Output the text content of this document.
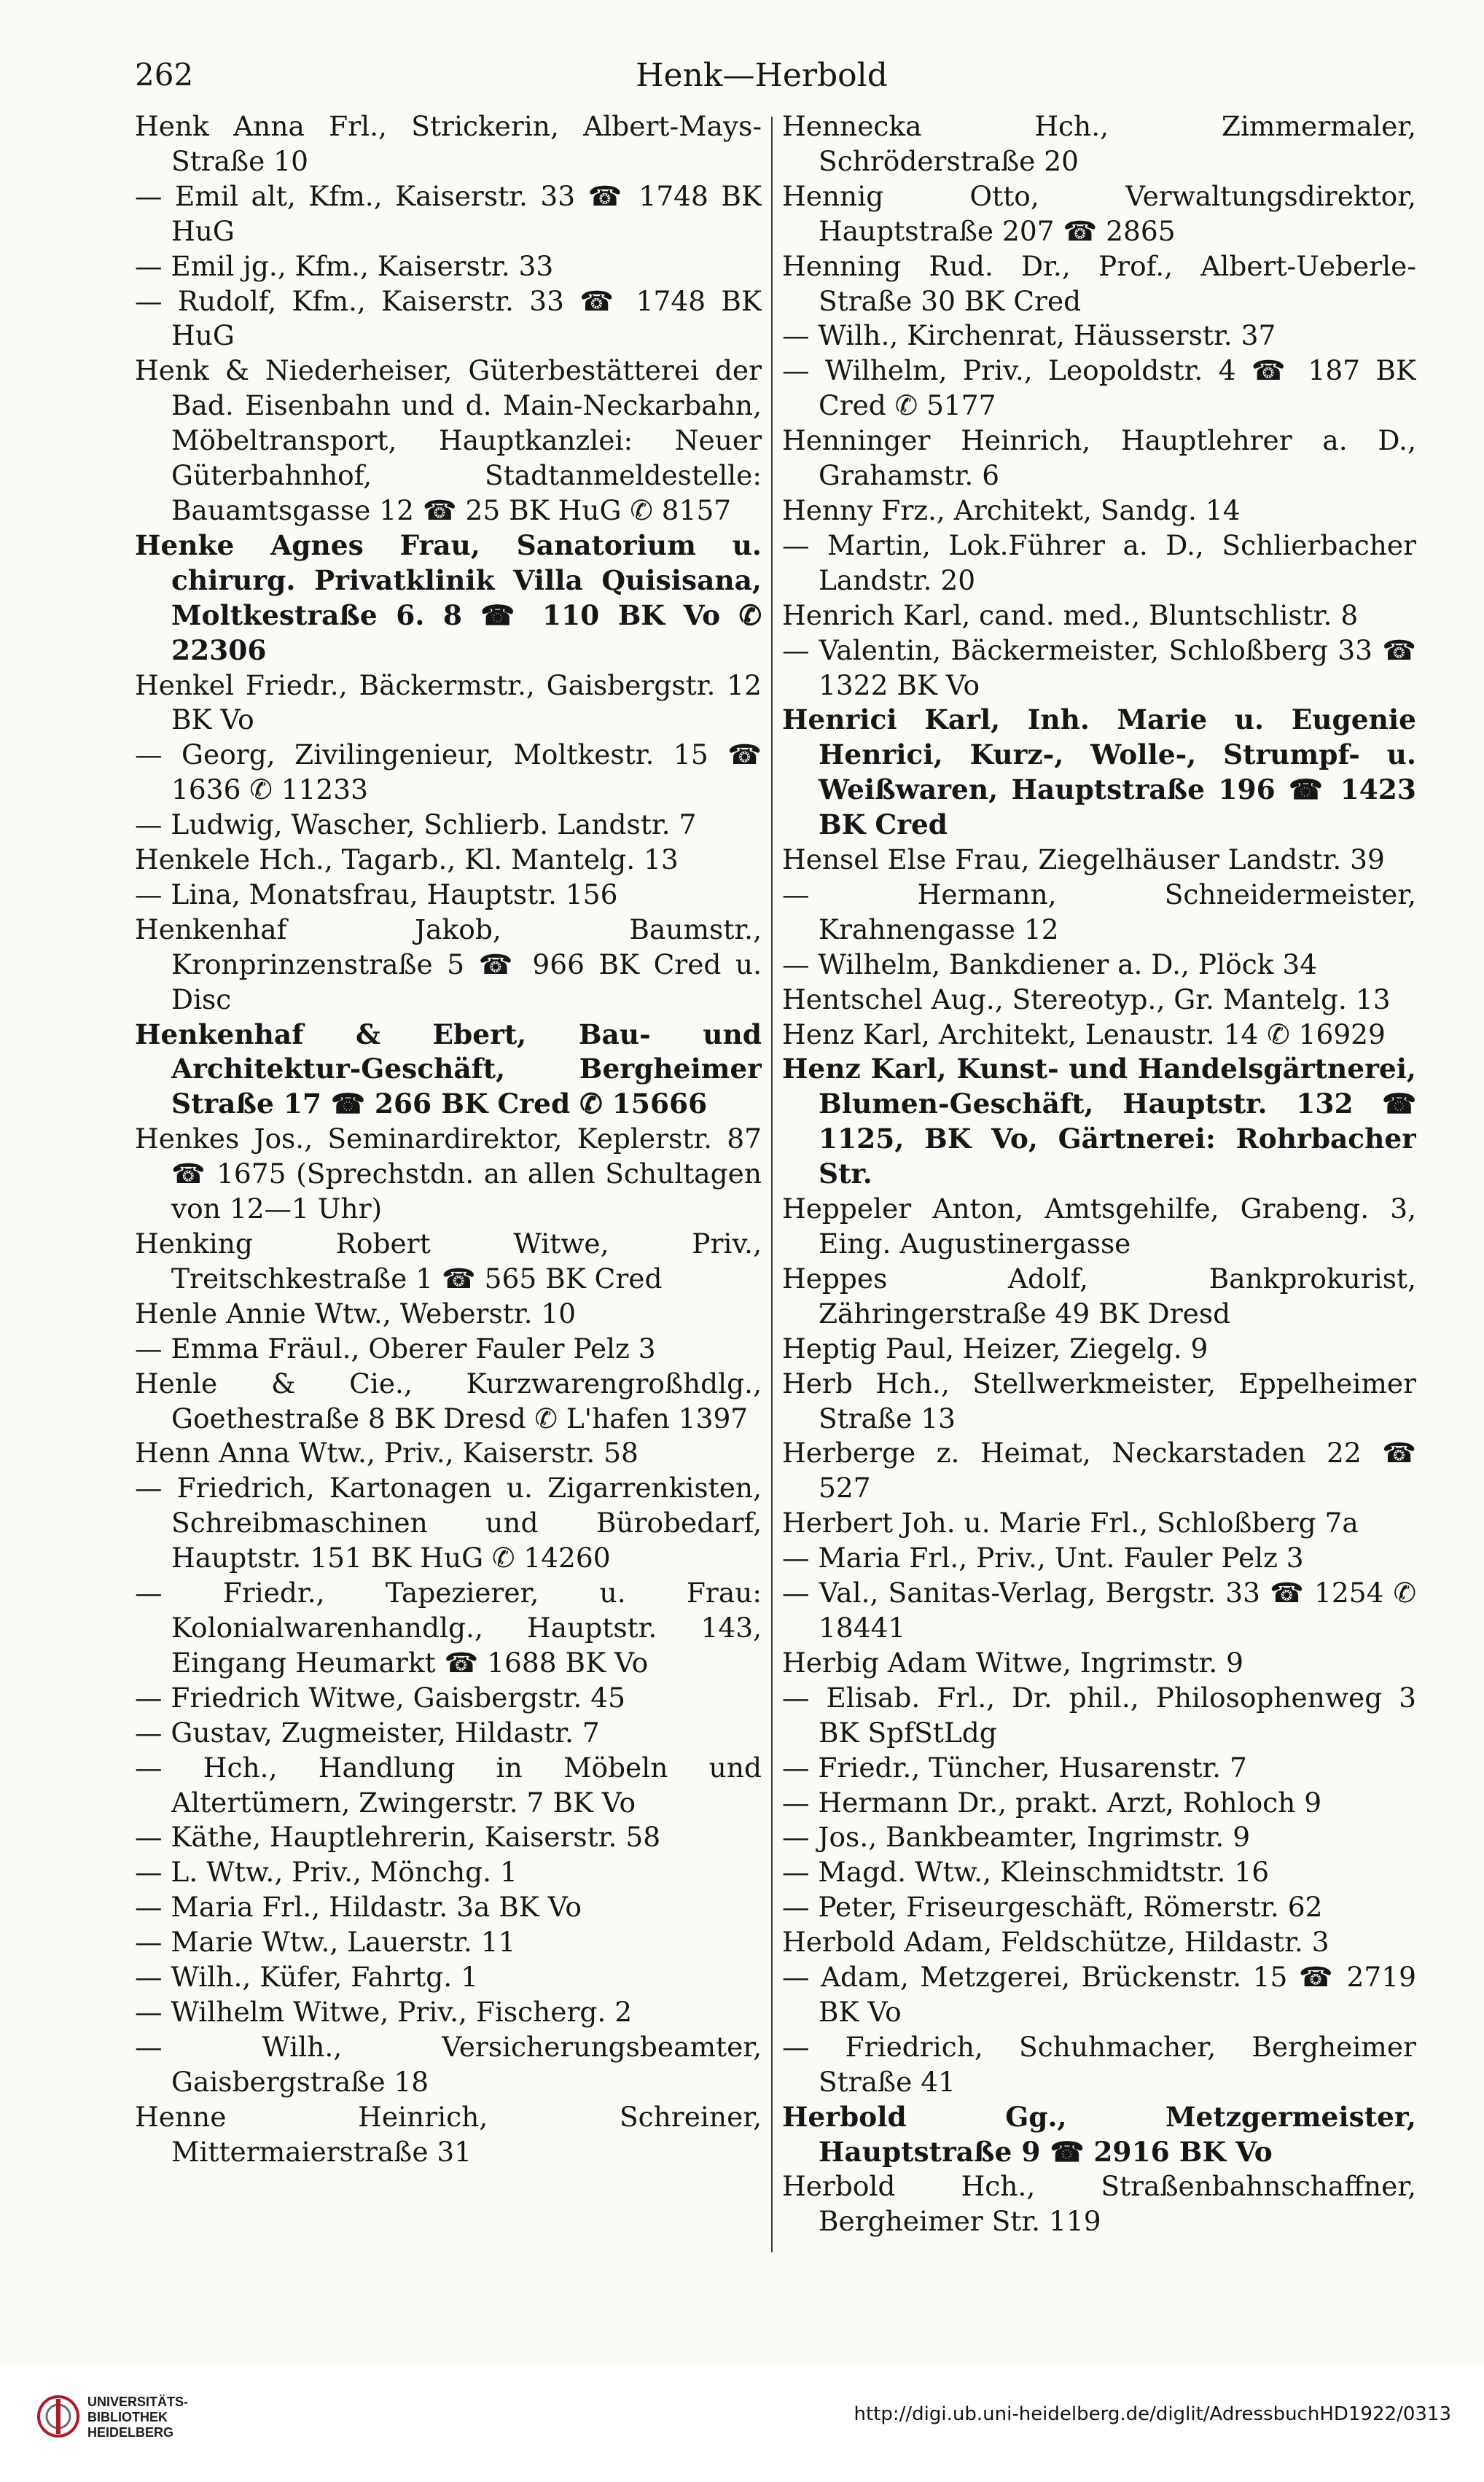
262	Henk—Herbold

Henk Anna Frl., Strickerin, Albert-Mays-Straße 10

— Emil alt, Kfm., Kaiserstr. 33 ☎ 1748 BK HuG

— Emil jg., Kfm., Kaiserstr. 33

— Rudolf, Kfm., Kaiserstr. 33 ☎ 1748 BK HuG

Henk & Niederheiser, Güterbestätterei der Bad. Eisenbahn und d. Main-Neckarbahn, Möbeltransport, Hauptkanzlei: Neuer Güterbahnhof, Stadtanmeldestelle: Bauamtsgasse 12 ☎ 25 BK HuG ✆ 8157

Henke Agnes Frau, Sanatorium u. chirurg. Privatklinik Villa Quisisana, Moltkestraße 6. 8 ☎ 110 BK Vo ✆ 22306

Henkel Friedr., Bäckermstr., Gaisbergstr. 12 BK Vo

— Georg, Zivilingenieur, Moltkestr. 15 ☎ 1636 ✆ 11233

— Ludwig, Wascher, Schlierb. Landstr. 7

Henkele Hch., Tagarb., Kl. Mantelg. 13

— Lina, Monatsfrau, Hauptstr. 156

Henkenhaf Jakob, Baumstr., Kronprinzenstraße 5 ☎ 966 BK Cred u. Disc

Henkenhaf & Ebert, Bau- und Architektur-Geschäft, Bergheimer Straße 17 ☎ 266 BK Cred ✆ 15666

Henkes Jos., Seminardirektor, Keplerstr. 87 ☎ 1675 (Sprechstdn. an allen Schultagen von 12—1 Uhr)

Henking Robert Witwe, Priv., Treitschkestraße 1 ☎ 565 BK Cred

Henle Annie Wtw., Weberstr. 10

— Emma Fräul., Oberer Fauler Pelz 3

Henle & Cie., Kurzwarengroßhdlg., Goethestraße 8 BK Dresd ✆ L'hafen 1397

Henn Anna Wtw., Priv., Kaiserstr. 58

— Friedrich, Kartonagen u. Zigarrenkisten, Schreibmaschinen und Bürobedarf, Hauptstr. 151 BK HuG ✆ 14260

— Friedr., Tapezierer, u. Frau: Kolonialwarenhandlg., Hauptstr. 143, Eingang Heumarkt ☎ 1688 BK Vo

— Friedrich Witwe, Gaisbergstr. 45

— Gustav, Zugmeister, Hildastr. 7

— Hch., Handlung in Möbeln und Altertümern, Zwingerstr. 7 BK Vo

— Käthe, Hauptlehrerin, Kaiserstr. 58

— L. Wtw., Priv., Mönchg. 1

— Maria Frl., Hildastr. 3a BK Vo

— Marie Wtw., Lauerstr. 11

— Wilh., Küfer, Fahrtg. 1

— Wilhelm Witwe, Priv., Fischerg. 2

— Wilh., Versicherungsbeamter, Gaisbergstraße 18

Henne Heinrich, Schreiner, Mittermaierstraße 31

Hennecka Hch., Zimmermaler, Schröderstraße 20

Hennig Otto, Verwaltungsdirektor, Hauptstraße 207 ☎ 2865

Henning Rud. Dr., Prof., Albert-Ueberle-Straße 30 BK Cred

— Wilh., Kirchenrat, Häusserstr. 37

— Wilhelm, Priv., Leopoldstr. 4 ☎ 187 BK Cred ✆ 5177

Henninger Heinrich, Hauptlehrer a. D., Grahamstr. 6

Henny Frz., Architekt, Sandg. 14

— Martin, Lok.Führer a. D., Schlierbacher Landstr. 20

Henrich Karl, cand. med., Bluntschlistr. 8

— Valentin, Bäckermeister, Schloßberg 33 ☎ 1322 BK Vo

Henrici Karl, Inh. Marie u. Eugenie Henrici, Kurz-, Wolle-, Strumpf- u. Weißwaren, Hauptstraße 196 ☎ 1423 BK Cred

Hensel Else Frau, Ziegelhäuser Landstr. 39

— Hermann, Schneidermeister, Krahnengasse 12

— Wilhelm, Bankdiener a. D., Plöck 34

Hentschel Aug., Stereotyp., Gr. Mantelg. 13

Henz Karl, Architekt, Lenaustr. 14 ✆ 16929

Henz Karl, Kunst- und Handelsgärtnerei, Blumen-Geschäft, Hauptstr. 132 ☎ 1125, BK Vo, Gärtnerei: Rohrbacher Str.

Heppeler Anton, Amtsgehilfe, Grabeng. 3, Eing. Augustinergasse

Heppes Adolf, Bankprokurist, Zähringerstraße 49 BK Dresd

Heptig Paul, Heizer, Ziegelg. 9

Herb Hch., Stellwerkmeister, Eppelheimer Straße 13

Herberge z. Heimat, Neckarstaden 22 ☎ 527

Herbert Joh. u. Marie Frl., Schloßberg 7a

— Maria Frl., Priv., Unt. Fauler Pelz 3

— Val., Sanitas-Verlag, Bergstr. 33 ☎ 1254 ✆ 18441

Herbig Adam Witwe, Ingrimstr. 9

— Elisab. Frl., Dr. phil., Philosophenweg 3 BK SpfStLdg

— Friedr., Tüncher, Husarenstr. 7

— Hermann Dr., prakt. Arzt, Rohloch 9

— Jos., Bankbeamter, Ingrimstr. 9

— Magd. Wtw., Kleinschmidtstr. 16

— Peter, Friseurgeschäft, Römerstr. 62

Herbold Adam, Feldschütze, Hildastr. 3

— Adam, Metzgerei, Brückenstr. 15 ☎ 2719 BK Vo

— Friedrich, Schuhmacher, Bergheimer Straße 41

Herbold Gg., Metzgermeister, Hauptstraße 9 ☎ 2916 BK Vo

Herbold Hch., Straßenbahnschaffner, Bergheimer Str. 119

UNIVERSITÄTS-
BIBLIOTHEK
HEIDELBERG
http://digi.ub.uni-heidelberg.de/diglit/AdressbuchHD1922/0313
